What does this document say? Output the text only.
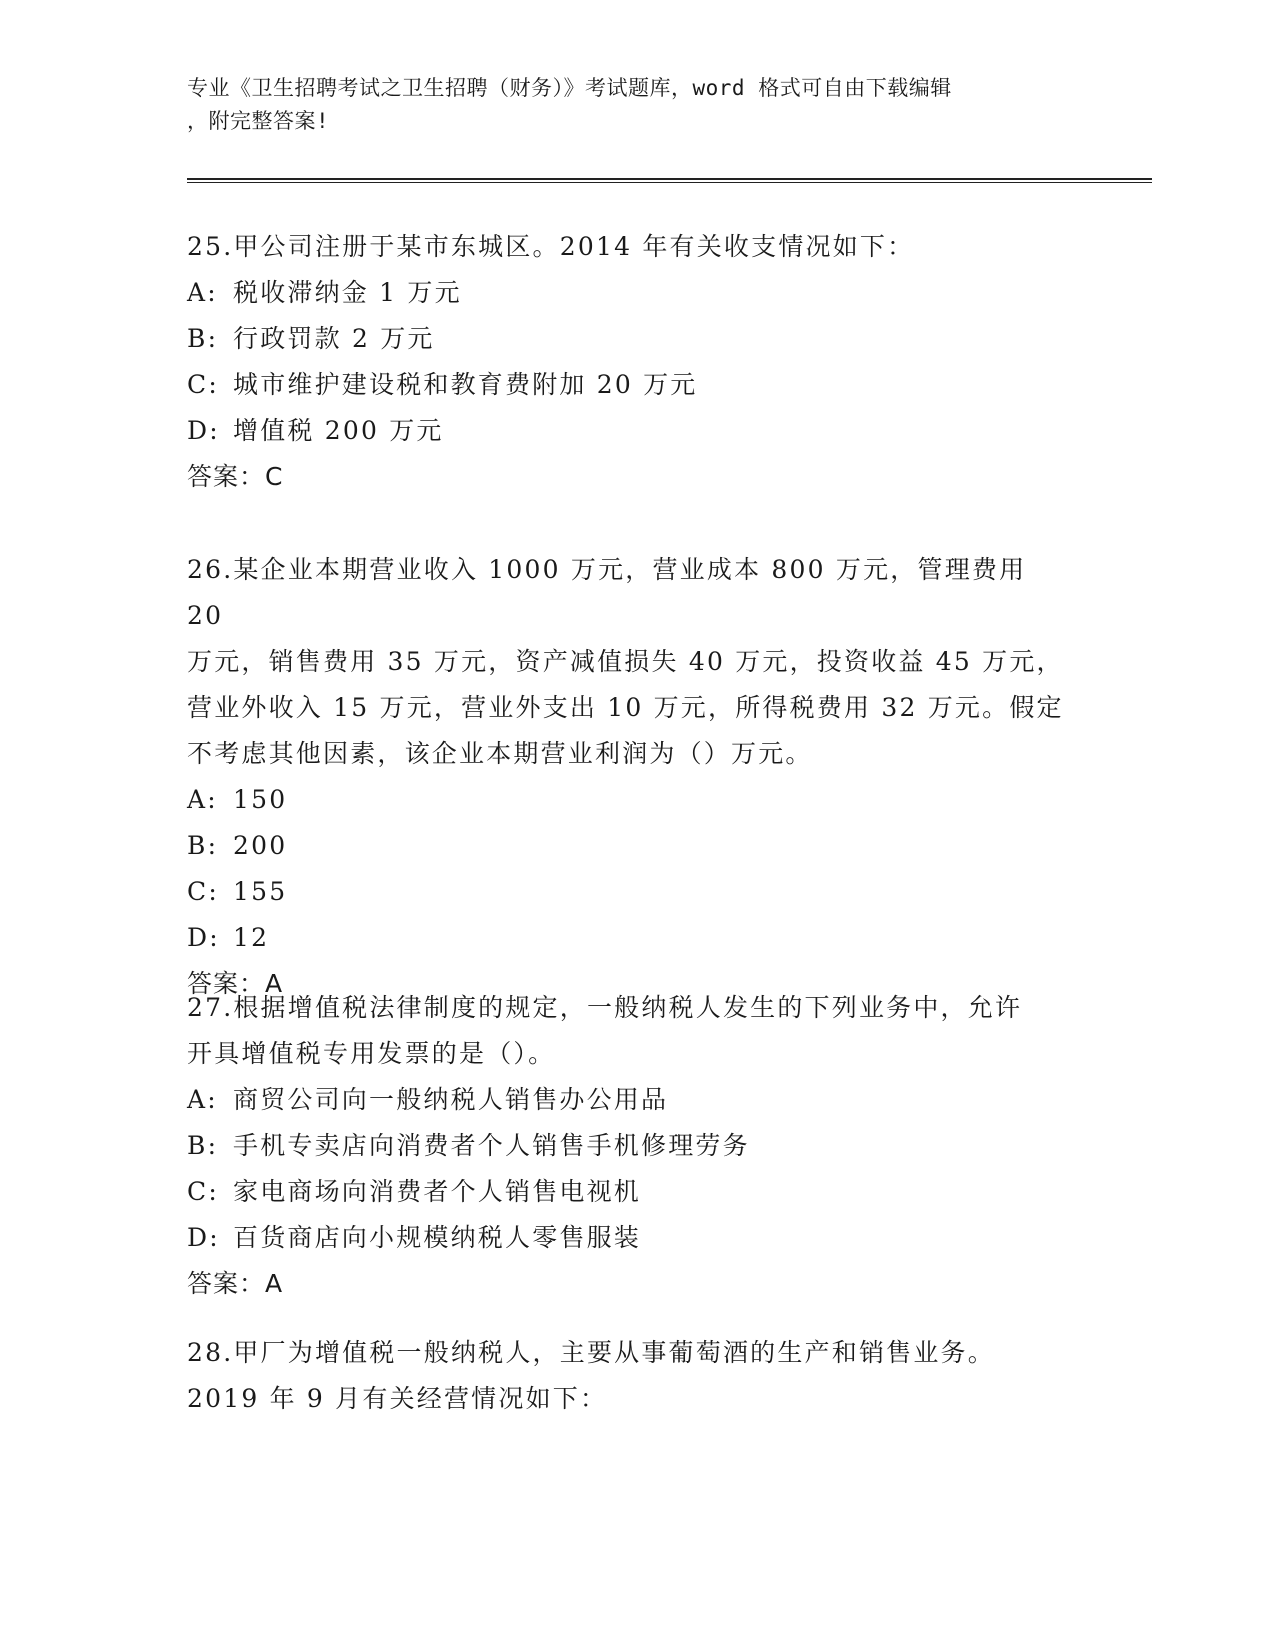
专业《卫生招聘考试之卫生招聘（财务）》考试题库，word 格式可自由下载编辑
，附完整答案!

25.甲公司注册于某市东城区。2014 年有关收支情况如下：

A: 税收滞纳金 1 万元

B: 行政罚款 2 万元

C: 城市维护建设税和教育费附加 20 万元

D: 增值税 200 万元

答案：C

26.某企业本期营业收入 1000 万元，营业成本 800 万元，管理费用 20

万元，销售费用 35 万元，资产减值损失 40 万元，投资收益 45 万元，

营业外收入 15 万元，营业外支出 10 万元，所得税费用 32 万元。假定

不考虑其他因素，该企业本期营业利润为（）万元。

A: 150

B: 200

C: 155

D: 12

答案：A

27.根据增值税法律制度的规定，一般纳税人发生的下列业务中，允许

开具增值税专用发票的是（）。

A: 商贸公司向一般纳税人销售办公用品

B: 手机专卖店向消费者个人销售手机修理劳务

C: 家电商场向消费者个人销售电视机

D: 百货商店向小规模纳税人零售服装

答案：A

28.甲厂为增值税一般纳税人，主要从事葡萄酒的生产和销售业务。

2019 年 9 月有关经营情况如下：
